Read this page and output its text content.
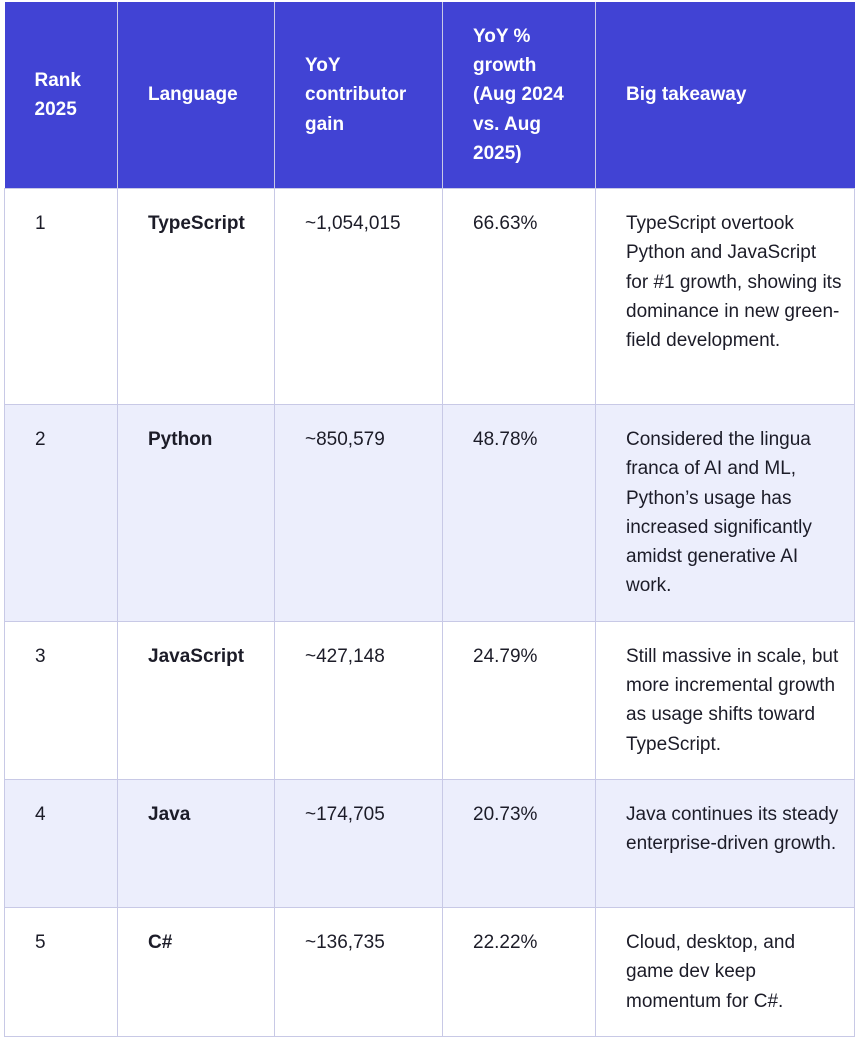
Rank 2025	Language	YoY contributor gain	YoY % growth (Aug 2024 vs. Aug 2025)	Big takeaway
1	TypeScript	~1,054,015	66.63%	TypeScript overtook Python and JavaScript for #1 growth, showing its dominance in new green-field development.
2	Python	~850,579	48.78%	Considered the lingua franca of AI and ML, Python’s usage has increased significantly amidst generative AI work.
3	JavaScript	~427,148	24.79%	Still massive in scale, but more incremental growth as usage shifts toward TypeScript.
4	Java	~174,705	20.73%	Java continues its steady enterprise-driven growth.
5	C#	~136,735	22.22%	Cloud, desktop, and game dev keep momentum for C#.
